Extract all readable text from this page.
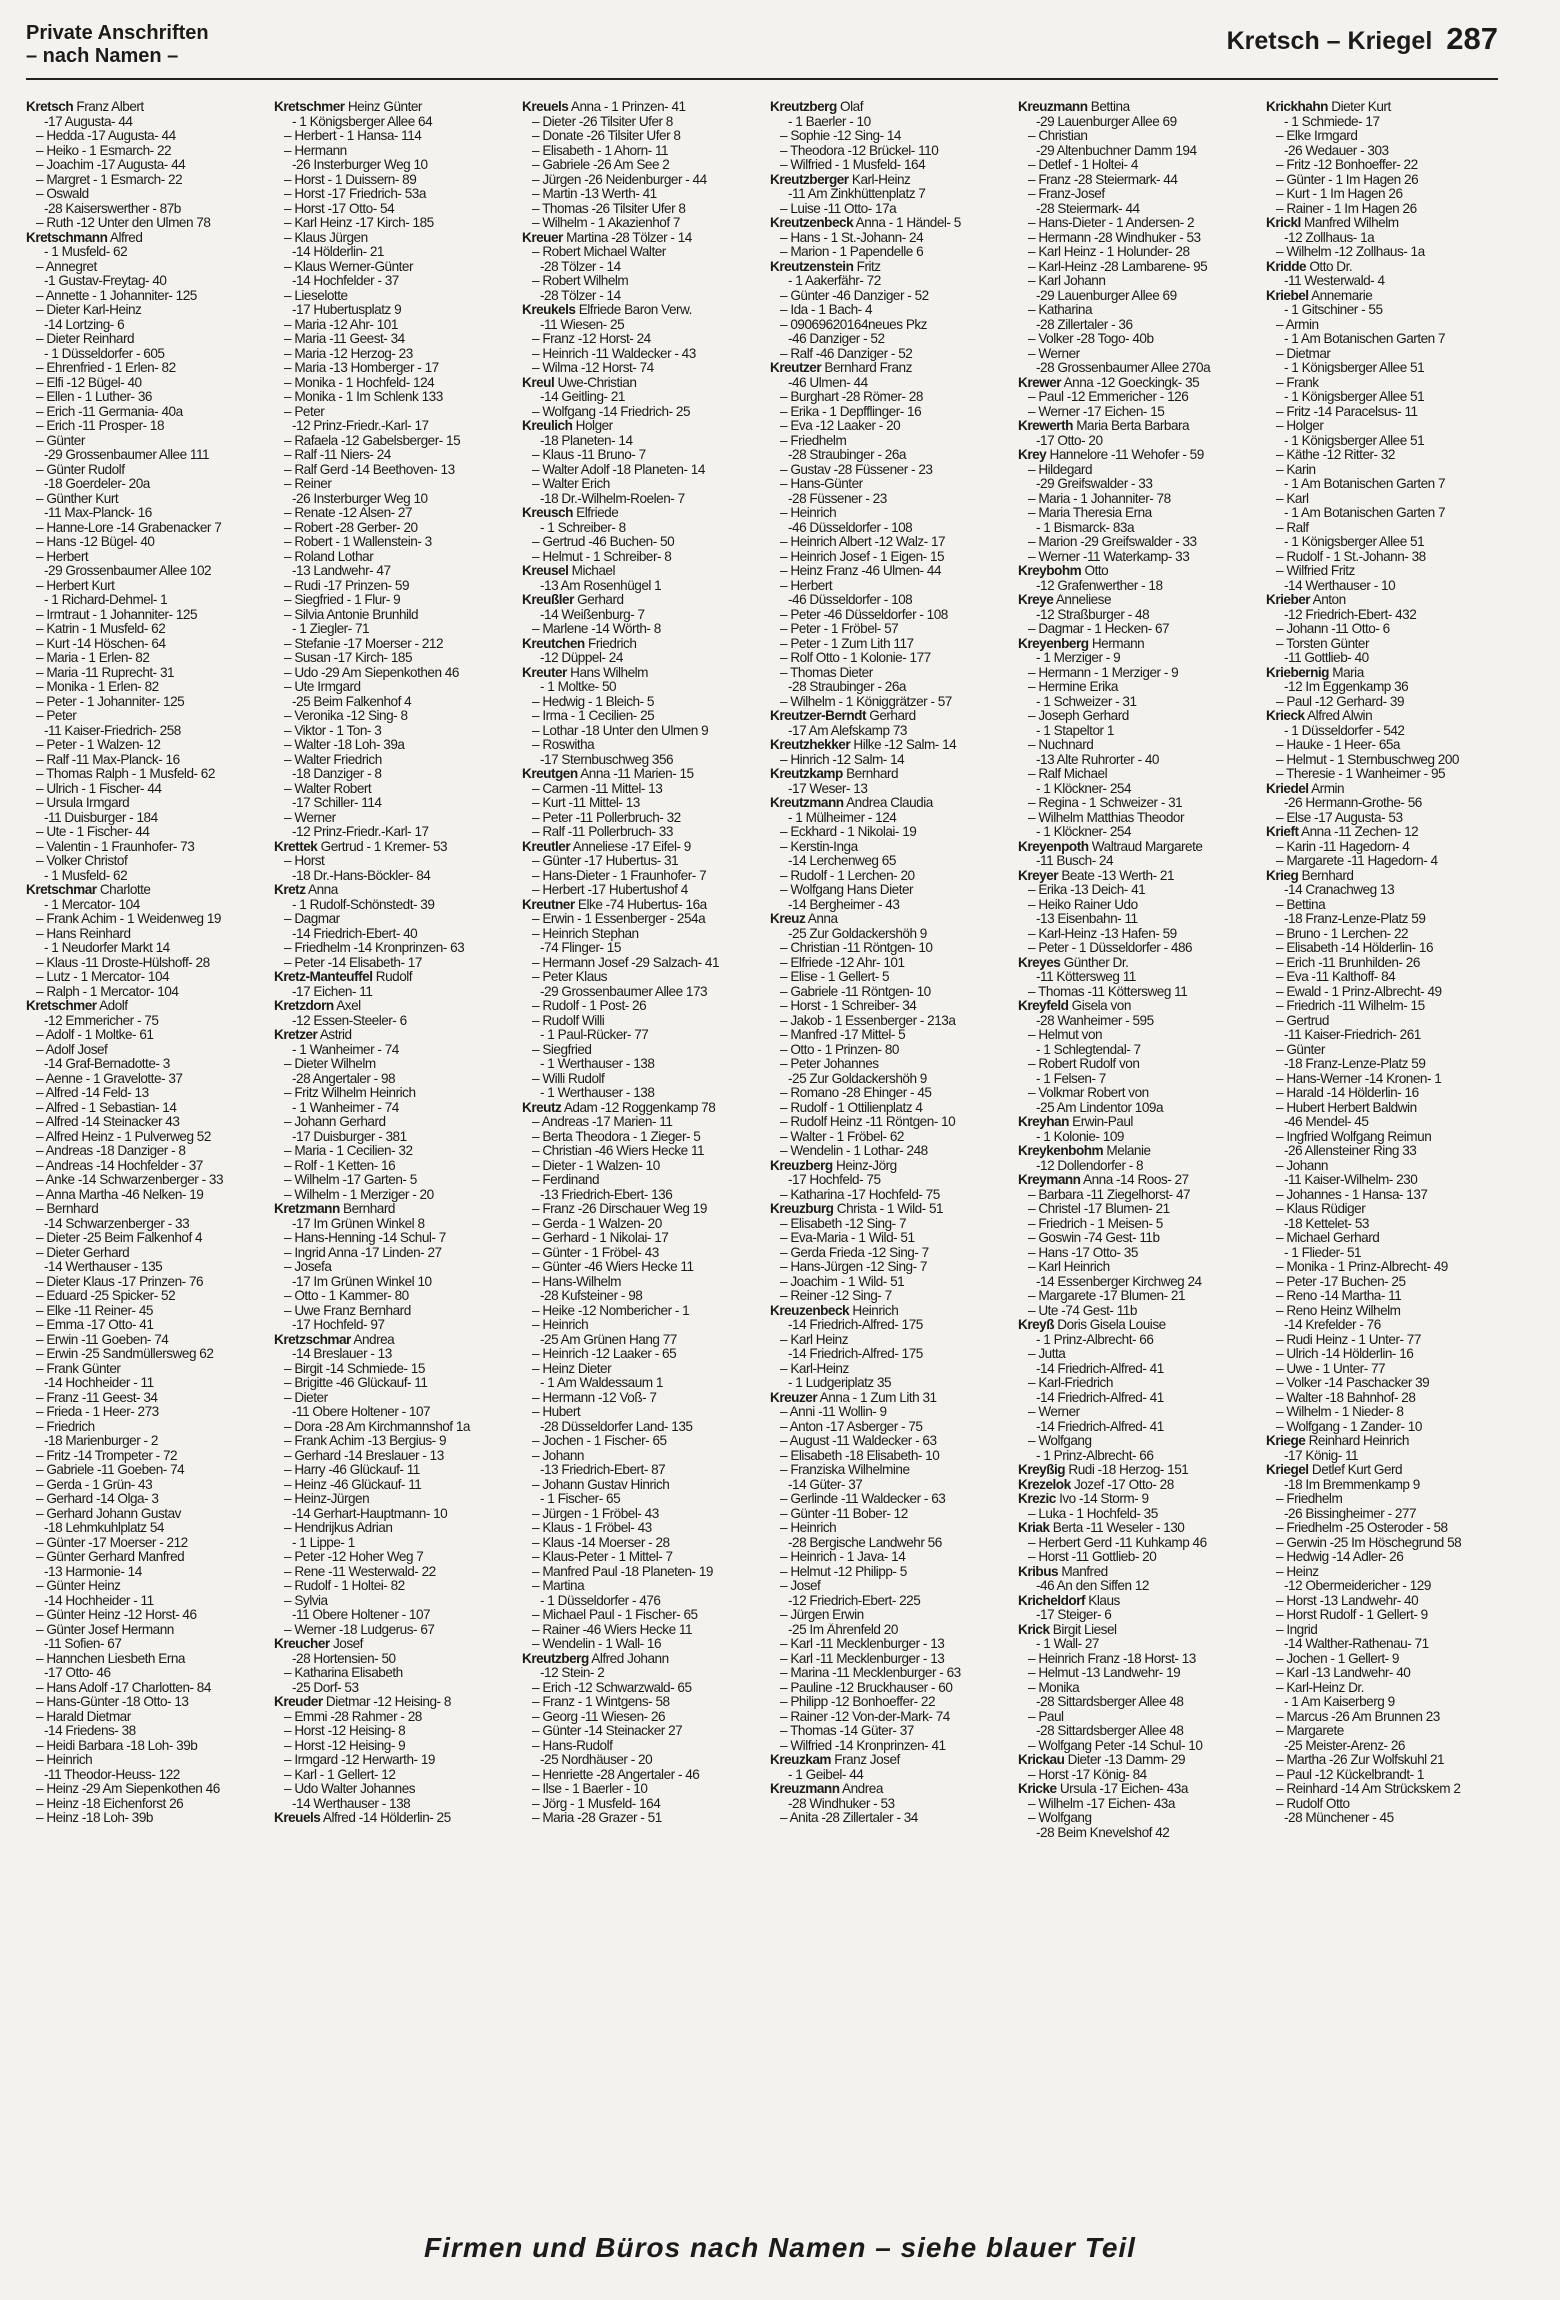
Private Anschriften
– nach Namen –
Kretsch – Kriegel 287
Kretsch Franz Albert
-17 Augusta- 44
– Hedda -17 Augusta- 44
– Heiko - 1 Esmarch- 22
– Joachim -17 Augusta- 44
– Margret - 1 Esmarch- 22
– Oswald
-28 Kaiserswerther - 87b
– Ruth -12 Unter den Ulmen 78
Kretschmann Alfred
- 1 Musfeld- 62
– Annegret
-1 Gustav-Freytag- 40
– Annette - 1 Johanniter- 125
– Dieter Karl-Heinz
-14 Lortzing- 6
– Dieter Reinhard
- 1 Düsseldorfer - 605
– Ehrenfried - 1 Erlen- 82
– Elfi -12 Bügel- 40
– Ellen - 1 Luther- 36
– Erich -11 Germania- 40a
– Erich -11 Prosper- 18
– Günter
-29 Grossenbaumer Allee 111
– Günter Rudolf
-18 Goerdeler- 20a
– Günther Kurt
-11 Max-Planck- 16
– Hanne-Lore -14 Grabenacker 7
– Hans -12 Bügel- 40
– Herbert
-29 Grossenbaumer Allee 102
– Herbert Kurt
- 1 Richard-Dehmel- 1
– Irmtraut - 1 Johanniter- 125
– Katrin - 1 Musfeld- 62
– Kurt -14 Höschen- 64
– Maria - 1 Erlen- 82
– Maria -11 Ruprecht- 31
– Monika - 1 Erlen- 82
– Peter - 1 Johanniter- 125
– Peter
-11 Kaiser-Friedrich- 258
– Peter - 1 Walzen- 12
– Ralf -11 Max-Planck- 16
– Thomas Ralph - 1 Musfeld- 62
– Ulrich - 1 Fischer- 44
– Ursula Irmgard
-11 Duisburger - 184
– Ute - 1 Fischer- 44
– Valentin - 1 Fraunhofer- 73
– Volker Christof
- 1 Musfeld- 62
Kretschmar Charlotte
- 1 Mercator- 104
– Frank Achim - 1 Weidenweg 19
– Hans Reinhard
- 1 Neudorfer Markt 14
– Klaus -11 Droste-Hülshoff- 28
– Lutz - 1 Mercator- 104
– Ralph - 1 Mercator- 104
Kretschmer Adolf
-12 Emmericher - 75
– Adolf - 1 Moltke- 61
– Adolf Josef
-14 Graf-Bernadotte- 3
– Aenne - 1 Gravelotte- 37
– Alfred -14 Feld- 13
– Alfred - 1 Sebastian- 14
– Alfred -14 Steinacker 43
– Alfred Heinz - 1 Pulverweg 52
– Andreas -18 Danziger - 8
– Andreas -14 Hochfelder - 37
– Anke -14 Schwarzenberger - 33
– Anna Martha -46 Nelken- 19
– Bernhard
-14 Schwarzenberger - 33
– Dieter -25 Beim Falkenhof 4
– Dieter Gerhard
-14 Werthauser - 135
– Dieter Klaus -17 Prinzen- 76
– Eduard -25 Spicker- 52
– Elke -11 Reiner- 45
– Emma -17 Otto- 41
– Erwin -11 Goeben- 74
– Erwin -25 Sandmüllersweg 62
– Frank Günter
-14 Hochheider - 11
– Franz -11 Geest- 34
– Frieda - 1 Heer- 273
– Friedrich
-18 Marienburger - 2
– Fritz -14 Trompeter - 72
– Gabriele -11 Goeben- 74
– Gerda - 1 Grün- 43
– Gerhard -14 Olga- 3
– Gerhard Johann Gustav
-18 Lehmkuhlplatz 54
– Günter -17 Moerser - 212
– Günter Gerhard Manfred
-13 Harmonie- 14
– Günter Heinz
-14 Hochheider - 11
– Günter Heinz -12 Horst- 46
– Günter Josef Hermann
-11 Sofien- 67
– Hannchen Liesbeth Erna
-17 Otto- 46
– Hans Adolf -17 Charlotten- 84
– Hans-Günter -18 Otto- 13
– Harald Dietmar
-14 Friedens- 38
– Heidi Barbara -18 Loh- 39b
– Heinrich
-11 Theodor-Heuss- 122
– Heinz -29 Am Siepenkothen 46
– Heinz -18 Eichenforst 26
– Heinz -18 Loh- 39b
Kretschmer Heinz Günter
- 1 Königsberger Allee 64
– Herbert - 1 Hansa- 114
– Hermann
-26 Insterburger Weg 10
– Horst - 1 Duissern- 89
– Horst -17 Friedrich- 53a
– Horst -17 Otto- 54
– Karl Heinz -17 Kirch- 185
– Klaus Jürgen
-14 Hölderlin- 21
– Klaus Werner-Günter
-14 Hochfelder - 37
– Lieselotte
-17 Hubertusplatz 9
– Maria -12 Ahr- 101
– Maria -11 Geest- 34
– Maria -12 Herzog- 23
– Maria -13 Homberger - 17
– Monika - 1 Hochfeld- 124
– Monika - 1 Im Schlenk 133
– Peter
-12 Prinz-Friedr.-Karl- 17
– Rafaela -12 Gabelsberger- 15
– Ralf -11 Niers- 24
– Ralf Gerd -14 Beethoven- 13
– Reiner
-26 Insterburger Weg 10
– Renate -12 Alsen- 27
– Robert -28 Gerber- 20
– Robert - 1 Wallenstein- 3
– Roland Lothar
-13 Landwehr- 47
– Rudi -17 Prinzen- 59
– Siegfried - 1 Flur- 9
– Silvia Antonie Brunhild
- 1 Ziegler- 71
– Stefanie -17 Moerser - 212
– Susan -17 Kirch- 185
– Udo -29 Am Siepenkothen 46
– Ute Irmgard
-25 Beim Falkenhof 4
– Veronika -12 Sing- 8
– Viktor - 1 Ton- 3
– Walter -18 Loh- 39a
– Walter Friedrich
-18 Danziger - 8
– Walter Robert
-17 Schiller- 114
– Werner
-12 Prinz-Friedr.-Karl- 17
Krettek Gertrud - 1 Kremer- 53
– Horst
-18 Dr.-Hans-Böckler- 84
Kretz Anna
- 1 Rudolf-Schönstedt- 39
– Dagmar
-14 Friedrich-Ebert- 40
– Friedhelm -14 Kronprinzen- 63
– Peter -14 Elisabeth- 17
Kretz-Manteuffel Rudolf
-17 Eichen- 11
Kretzdorn Axel
-12 Essen-Steeler- 6
Kretzer Astrid
- 1 Wanheimer - 74
– Dieter Wilhelm
-28 Angertaler - 98
– Fritz Wilhelm Heinrich
- 1 Wanheimer - 74
– Johann Gerhard
-17 Duisburger - 381
– Maria - 1 Cecilien- 32
– Rolf - 1 Ketten- 16
– Wilhelm -17 Garten- 5
– Wilhelm - 1 Merziger - 20
Kretzmann Bernhard
-17 Im Grünen Winkel 8
– Hans-Henning -14 Schul- 7
– Ingrid Anna -17 Linden- 27
– Josefa
-17 Im Grünen Winkel 10
– Otto - 1 Kammer- 80
– Uwe Franz Bernhard
-17 Hochfeld- 97
Kretzschmar Andrea
-14 Breslauer - 13
– Birgit -14 Schmiede- 15
– Brigitte -46 Glückauf- 11
– Dieter
-11 Obere Holtener - 107
– Dora -28 Am Kirchmannshof 1a
– Frank Achim -13 Bergius- 9
– Gerhard -14 Breslauer - 13
– Harry -46 Glückauf- 11
– Heinz -46 Glückauf- 11
– Heinz-Jürgen
-14 Gerhart-Hauptmann- 10
– Hendrijkus Adrian
- 1 Lippe- 1
– Peter -12 Hoher Weg 7
– Rene -11 Westerwald- 22
– Rudolf - 1 Holtei- 82
– Sylvia
-11 Obere Holtener - 107
– Werner -18 Ludgerus- 67
Kreucher Josef
-28 Hortensien- 50
– Katharina Elisabeth
-25 Dorf- 53
Kreuder Dietmar -12 Heising- 8
– Emmi -28 Rahmer - 28
– Horst -12 Heising- 8
– Horst -12 Heising- 9
– Irmgard -12 Herwarth- 19
– Karl - 1 Gellert- 12
– Udo Walter Johannes
-14 Werthauser - 138
Kreuels Alfred -14 Hölderlin- 25
Kreuels Anna - 1 Prinzen- 41
– Dieter -26 Tilsiter Ufer 8
– Donate -26 Tilsiter Ufer 8
– Elisabeth - 1 Ahorn- 11
– Gabriele -26 Am See 2
– Jürgen -26 Neidenburger - 44
– Martin -13 Werth- 41
– Thomas -26 Tilsiter Ufer 8
– Wilhelm - 1 Akazienhof 7
Kreuer Martina -28 Tölzer - 14
– Robert Michael Walter
-28 Tölzer - 14
– Robert Wilhelm
-28 Tölzer - 14
Kreukels Elfriede Baron Verw.
-11 Wiesen- 25
– Franz -12 Horst- 24
– Heinrich -11 Waldecker - 43
– Wilma -12 Horst- 74
Kreul Uwe-Christian
-14 Geitling- 21
– Wolfgang -14 Friedrich- 25
Kreulich Holger
-18 Planeten- 14
– Klaus -11 Bruno- 7
– Walter Adolf -18 Planeten- 14
– Walter Erich
-18 Dr.-Wilhelm-Roelen- 7
Kreusch Elfriede
- 1 Schreiber- 8
– Gertrud -46 Buchen- 50
– Helmut - 1 Schreiber- 8
Kreusel Michael
-13 Am Rosenhügel 1
Kreußler Gerhard
-14 Weißenburg- 7
– Marlene -14 Wörth- 8
Kreutchen Friedrich
-12 Düppel- 24
Kreuter Hans Wilhelm
- 1 Moltke- 50
– Hedwig - 1 Bleich- 5
– Irma - 1 Cecilien- 25
– Lothar -18 Unter den Ulmen 9
– Roswitha
-17 Sternbuschweg 356
Kreutgen Anna -11 Marien- 15
– Carmen -11 Mittel- 13
– Kurt -11 Mittel- 13
– Peter -11 Pollerbruch- 32
– Ralf -11 Pollerbruch- 33
Kreutler Anneliese -17 Eifel- 9
– Günter -17 Hubertus- 31
– Hans-Dieter - 1 Fraunhofer- 7
– Herbert -17 Hubertushof 4
Kreutner Elke -74 Hubertus- 16a
– Erwin - 1 Essenberger - 254a
– Heinrich Stephan
-74 Flinger- 15
– Hermann Josef -29 Salzach- 41
– Peter Klaus
-29 Grossenbaumer Allee 173
– Rudolf - 1 Post- 26
– Rudolf Willi
- 1 Paul-Rücker- 77
– Siegfried
- 1 Werthauser - 138
– Willi Rudolf
- 1 Werthauser - 138
Kreutz Adam -12 Roggenkamp 78
– Andreas -17 Marien- 11
– Berta Theodora - 1 Zieger- 5
– Christian -46 Wiers Hecke 11
– Dieter - 1 Walzen- 10
– Ferdinand
-13 Friedrich-Ebert- 136
– Franz -26 Dirschauer Weg 19
– Gerda - 1 Walzen- 20
– Gerhard - 1 Nikolai- 17
– Günter - 1 Fröbel- 43
– Günter -46 Wiers Hecke 11
– Hans-Wilhelm
-28 Kufsteiner - 98
– Heike -12 Nombericher - 1
– Heinrich
-25 Am Grünen Hang 77
– Heinrich -12 Laaker - 65
– Heinz Dieter
- 1 Am Waldessaum 1
– Hermann -12 Voß- 7
– Hubert
-28 Düsseldorfer Land- 135
– Jochen - 1 Fischer- 65
– Johann
-13 Friedrich-Ebert- 87
– Johann Gustav Hinrich
- 1 Fischer- 65
– Jürgen - 1 Fröbel- 43
– Klaus - 1 Fröbel- 43
– Klaus -14 Moerser - 28
– Klaus-Peter - 1 Mittel- 7
– Manfred Paul -18 Planeten- 19
– Martina
- 1 Düsseldorfer - 476
– Michael Paul - 1 Fischer- 65
– Rainer -46 Wiers Hecke 11
– Wendelin - 1 Wall- 16
Kreutzberg Alfred Johann
-12 Stein- 2
– Erich -12 Schwarzwald- 65
– Franz - 1 Wintgens- 58
– Georg -11 Wiesen- 26
– Günter -14 Steinacker 27
– Hans-Rudolf
-25 Nordhäuser - 20
– Henriette -28 Angertaler - 46
– Ilse - 1 Baerler - 10
– Jörg - 1 Musfeld- 164
– Maria -28 Grazer - 51
Kreutzberg Olaf
- 1 Baerler - 10
– Sophie -12 Sing- 14
– Theodora -12 Brückel- 110
– Wilfried - 1 Musfeld- 164
Kreutzberger Karl-Heinz
-11 Am Zinkhüttenplatz 7
– Luise -11 Otto- 17a
Kreutzenbeck Anna - 1 Händel- 5
– Hans - 1 St.-Johann- 24
– Marion - 1 Papendelle 6
Kreutzenstein Fritz
- 1 Aakerfähr- 72
– Günter -46 Danziger - 52
– Ida - 1 Bach- 4
– 09069620164neues Pkz
-46 Danziger - 52
– Ralf -46 Danziger - 52
Kreutzer Bernhard Franz
-46 Ulmen- 44
– Burghart -28 Römer- 28
– Erika - 1 Dерfflinger- 16
– Eva -12 Laaker - 20
– Friedhelm
-28 Straubinger - 26a
– Gustav -28 Füssener - 23
– Hans-Günter
-28 Füssener - 23
– Heinrich
-46 Düsseldorfer - 108
– Heinrich Albert -12 Walz- 17
– Heinrich Josef - 1 Eigen- 15
– Heinz Franz -46 Ulmen- 44
– Herbert
-46 Düsseldorfer - 108
– Peter -46 Düsseldorfer - 108
– Peter - 1 Fröbel- 57
– Peter - 1 Zum Lith 117
– Rolf Otto - 1 Kolonie- 177
– Thomas Dieter
-28 Straubinger - 26a
– Wilhelm - 1 Königgrätzer - 57
Kreutzer-Berndt Gerhard
-17 Am Alefskamp 73
Kreutzhekker Hilke -12 Salm- 14
– Hinrich -12 Salm- 14
Kreutzkamp Bernhard
-17 Weser- 13
Kreutzmann Andrea Claudia
- 1 Mülheimer - 124
– Eckhard - 1 Nikolai- 19
– Kerstin-Inga
-14 Lerchenweg 65
– Rudolf - 1 Lerchen- 20
– Wolfgang Hans Dieter
-14 Bergheimer - 43
Kreuz Anna
-25 Zur Goldackershöh 9
– Christian -11 Röntgen- 10
– Elfriede -12 Ahr- 101
– Elise - 1 Gellert- 5
– Gabriele -11 Röntgen- 10
– Horst - 1 Schreiber- 34
– Jakob - 1 Essenberger - 213a
– Manfred -17 Mittel- 5
– Otto - 1 Prinzen- 80
– Peter Johannes
-25 Zur Goldackershöh 9
– Romano -28 Ehinger - 45
– Rudolf - 1 Ottilienplatz 4
– Rudolf Heinz -11 Röntgen- 10
– Walter - 1 Fröbel- 62
– Wendelin - 1 Lothar- 248
Kreuzberg Heinz-Jörg
-17 Hochfeld- 75
– Katharina -17 Hochfeld- 75
Kreuzburg Christa - 1 Wild- 51
– Elisabeth -12 Sing- 7
– Eva-Maria - 1 Wild- 51
– Gerda Frieda -12 Sing- 7
– Hans-Jürgen -12 Sing- 7
– Joachim - 1 Wild- 51
– Reiner -12 Sing- 7
Kreuzenbeck Heinrich
-14 Friedrich-Alfred- 175
– Karl Heinz
-14 Friedrich-Alfred- 175
– Karl-Heinz
- 1 Ludgeriplatz 35
Kreuzer Anna - 1 Zum Lith 31
– Anni -11 Wollin- 9
– Anton -17 Asberger - 75
– August -11 Waldecker - 63
– Elisabeth -18 Elisabeth- 10
– Franziska Wilhelmine
-14 Güter- 37
– Gerlinde -11 Waldecker - 63
– Günter -11 Bober- 12
– Heinrich
-28 Bergische Landwehr 56
– Heinrich - 1 Java- 14
– Helmut -12 Philipp- 5
– Josef
-12 Friedrich-Ebert- 225
– Jürgen Erwin
-25 Im Ährenfeld 20
– Karl -11 Mecklenburger - 13
– Karl -11 Mecklenburger - 13
– Marina -11 Mecklenburger - 63
– Pauline -12 Bruckhauser - 60
– Philipp -12 Bonhoeffer- 22
– Rainer -12 Von-der-Mark- 74
– Thomas -14 Güter- 37
– Wilfried -14 Kronprinzen- 41
Kreuzkam Franz Josef
- 1 Geibel- 44
Kreuzmann Andrea
-28 Windhuker - 53
– Anita -28 Zillertaler - 34
Kreuzmann Bettina
-29 Lauenburger Allee 69
– Christian
-29 Altenbuchner Damm 194
– Detlef - 1 Holtei- 4
– Franz -28 Steiermark- 44
– Franz-Josef
-28 Steiermark- 44
– Hans-Dieter - 1 Andersen- 2
– Hermann -28 Windhuker - 53
– Karl Heinz - 1 Holunder- 28
– Karl-Heinz -28 Lambarene- 95
– Karl Johann
-29 Lauenburger Allee 69
– Katharina
-28 Zillertaler - 36
– Volker -28 Togo- 40b
– Werner
-28 Grossenbaumer Allee 270a
Krewer Anna -12 Goeckingk- 35
– Paul -12 Emmericher - 126
– Werner -17 Eichen- 15
Krewerth Maria Berta Barbara
-17 Otto- 20
Krey Hannelore -11 Wehofer - 59
– Hildegard
-29 Greifswalder - 33
– Maria - 1 Johanniter- 78
– Maria Theresia Erna
- 1 Bismarck- 83a
– Marion -29 Greifswalder - 33
– Werner -11 Waterkamp- 33
Kreybohm Otto
-12 Grafenwerther - 18
Kreye Anneliese
-12 Straßburger - 48
– Dagmar - 1 Hecken- 67
Kreyenberg Hermann
- 1 Merziger - 9
– Hermann - 1 Merziger - 9
– Hermine Erika
- 1 Schweizer - 31
– Joseph Gerhard
- 1 Stapeltor 1
– Nuchnard
-13 Alte Ruhrorter - 40
– Ralf Michael
- 1 Klöckner- 254
– Regina - 1 Schweizer - 31
– Wilhelm Matthias Theodor
- 1 Klöckner- 254
Kreyenpoth Waltraud Margarete
-11 Busch- 24
Kreyer Beate -13 Werth- 21
– Erika -13 Deich- 41
– Heiko Rainer Udo
-13 Eisenbahn- 11
– Karl-Heinz -13 Hafen- 59
– Peter - 1 Düsseldorfer - 486
Kreyes Günther Dr.
-11 Köttersweg 11
– Thomas -11 Köttersweg 11
Kreyfeld Gisela von
-28 Wanheimer - 595
– Helmut von
- 1 Schlegtendal- 7
– Robert Rudolf von
- 1 Felsen- 7
– Volkmar Robert von
-25 Am Lindentor 109a
Kreyhan Erwin-Paul
- 1 Kolonie- 109
Kreykenbohm Melanie
-12 Dollendorfer - 8
Kreymann Anna -14 Roos- 27
– Barbara -11 Ziegelhorst- 47
– Christel -17 Blumen- 21
– Friedrich - 1 Meisen- 5
– Goswin -74 Gest- 11b
– Hans -17 Otto- 35
– Karl Heinrich
-14 Essenberger Kirchweg 24
– Margarete -17 Blumen- 21
– Ute -74 Gest- 11b
Kreyß Doris Gisela Louise
- 1 Prinz-Albrecht- 66
– Jutta
-14 Friedrich-Alfred- 41
– Karl-Friedrich
-14 Friedrich-Alfred- 41
– Werner
-14 Friedrich-Alfred- 41
– Wolfgang
- 1 Prinz-Albrecht- 66
Kreyßig Rudi -18 Herzog- 151
Krezelok Jozef -17 Otto- 28
Krezic Ivo -14 Storm- 9
– Luka - 1 Hochfeld- 35
Kriak Berta -11 Weseler - 130
– Herbert Gerd -11 Kuhkamp 46
– Horst -11 Gottlieb- 20
Kribus Manfred
-46 An den Siffen 12
Kricheldorf Klaus
-17 Steiger- 6
Krick Birgit Liesel
- 1 Wall- 27
– Heinrich Franz -18 Horst- 13
– Helmut -13 Landwehr- 19
– Monika
-28 Sittardsberger Allee 48
– Paul
-28 Sittardsberger Allee 48
– Wolfgang Peter -14 Schul- 10
Krickau Dieter -13 Damm- 29
– Horst -17 König- 84
Kricke Ursula -17 Eichen- 43a
– Wilhelm -17 Eichen- 43a
– Wolfgang
-28 Beim Knevelshof 42
Krickhahn Dieter Kurt
- 1 Schmiede- 17
– Elke Irmgard
-26 Wedauer - 303
– Fritz -12 Bonhoeffer- 22
– Günter - 1 Im Hagen 26
– Kurt - 1 Im Hagen 26
– Rainer - 1 Im Hagen 26
Krickl Manfred Wilhelm
-12 Zollhaus- 1a
– Wilhelm -12 Zollhaus- 1a
Kridde Otto Dr.
-11 Westerwald- 4
Kriebel Annemarie
- 1 Gitschiner - 55
– Armin
- 1 Am Botanischen Garten 7
– Dietmar
- 1 Königsberger Allee 51
– Frank
- 1 Königsberger Allee 51
– Fritz -14 Paracelsus- 11
– Holger
- 1 Königsberger Allee 51
– Käthe -12 Ritter- 32
– Karin
- 1 Am Botanischen Garten 7
– Karl
- 1 Am Botanischen Garten 7
– Ralf
- 1 Königsberger Allee 51
– Rudolf - 1 St.-Johann- 38
– Wilfried Fritz
-14 Werthauser - 10
Krieber Anton
-12 Friedrich-Ebert- 432
– Johann -11 Otto- 6
– Torsten Günter
-11 Gottlieb- 40
Kriebernig Maria
-12 Im Eggenkamp 36
– Paul -12 Gerhard- 39
Krieck Alfred Alwin
- 1 Düsseldorfer - 542
– Hauke - 1 Heer- 65a
– Helmut - 1 Sternbuschweg 200
– Theresie - 1 Wanheimer - 95
Kriedel Armin
-26 Hermann-Grothe- 56
– Else -17 Augusta- 53
Krieft Anna -11 Zechen- 12
– Karin -11 Hagedorn- 4
– Margarete -11 Hagedorn- 4
Krieg Bernhard
-14 Cranachweg 13
– Bettina
-18 Franz-Lenze-Platz 59
– Bruno - 1 Lerchen- 22
– Elisabeth -14 Hölderlin- 16
– Erich -11 Brunhilden- 26
– Eva -11 Kalthoff- 84
– Ewald - 1 Prinz-Albrecht- 49
– Friedrich -11 Wilhelm- 15
– Gertrud
-11 Kaiser-Friedrich- 261
– Günter
-18 Franz-Lenze-Platz 59
– Hans-Werner -14 Kronen- 1
– Harald -14 Hölderlin- 16
– Hubert Herbert Baldwin
-46 Mendel- 45
– Ingfried Wolfgang Reimun
-26 Allensteiner Ring 33
– Johann
-11 Kaiser-Wilhelm- 230
– Johannes - 1 Hansa- 137
– Klaus Rüdiger
-18 Kettelet- 53
– Michael Gerhard
- 1 Flieder- 51
– Monika - 1 Prinz-Albrecht- 49
– Peter -17 Buchen- 25
– Reno -14 Martha- 11
– Reno Heinz Wilhelm
-14 Krefelder - 76
– Rudi Heinz - 1 Unter- 77
– Ulrich -14 Hölderlin- 16
– Uwe - 1 Unter- 77
– Volker -14 Paschacker 39
– Walter -18 Bahnhof- 28
– Wilhelm - 1 Nieder- 8
– Wolfgang - 1 Zander- 10
Kriege Reinhard Heinrich
-17 König- 11
Kriegel Detlef Kurt Gerd
-18 Im Bremmenkamp 9
– Friedhelm
-26 Bissingheimer - 277
– Friedhelm -25 Osteroder - 58
– Gerwin -25 Im Höschegrund 58
– Hedwig -14 Adler- 26
– Heinz
-12 Obermeidericher - 129
– Horst -13 Landwehr- 40
– Horst Rudolf - 1 Gellert- 9
– Ingrid
-14 Walther-Rathenau- 71
– Jochen - 1 Gellert- 9
– Karl -13 Landwehr- 40
– Karl-Heinz Dr.
- 1 Am Kaiserberg 9
– Marcus -26 Am Brunnen 23
– Margarete
-25 Meister-Arenz- 26
– Martha -26 Zur Wolfskuhl 21
– Paul -12 Kückelbrandt- 1
– Reinhard -14 Am Strückskem 2
– Rudolf Otto
-28 Münchener - 45
Firmen und Büros nach Namen – siehe blauer Teil
